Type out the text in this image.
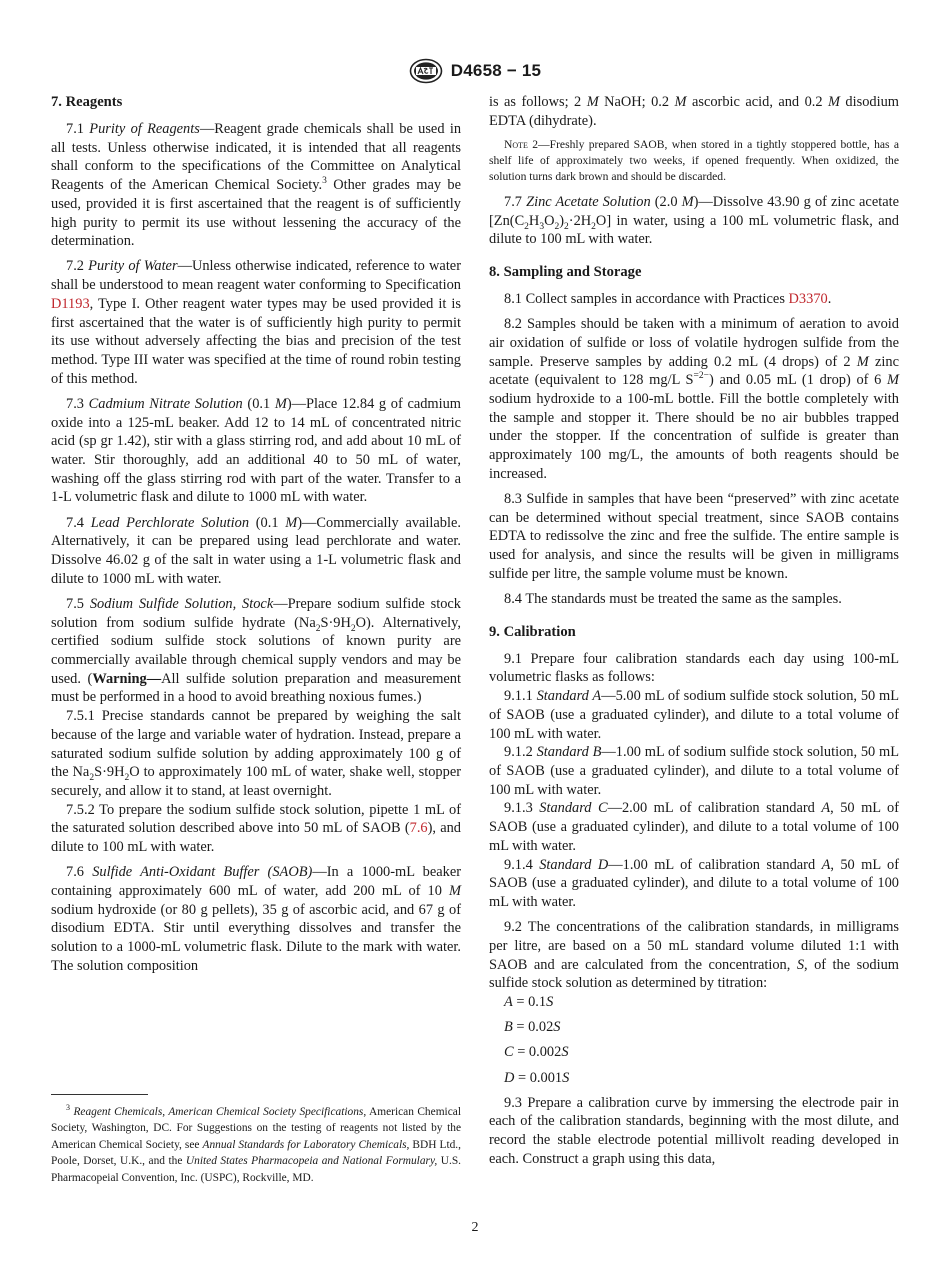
D4658 − 15
7. Reagents

7.1 Purity of Reagents—Reagent grade chemicals shall be used in all tests. Unless otherwise indicated, it is intended that all reagents shall conform to the specifications of the Committee on Analytical Reagents of the American Chemical Society.$^3$ Other grades may be used, provided it is first ascertained that the reagent is of sufficiently high purity to permit its use without lessening the accuracy of the determination.

7.2 Purity of Water—Unless otherwise indicated, reference to water shall be understood to mean reagent water conforming to Specification D1193, Type I. Other reagent water types may be used provided it is first ascertained that the water is of sufficiently high purity to permit its use without adversely affecting the bias and precision of the test method. Type III water was specified at the time of round robin testing of this method.

7.3 Cadmium Nitrate Solution (0.1 M)—Place 12.84 g of cadmium oxide into a 125-mL beaker. Add 12 to 14 mL of concentrated nitric acid (sp gr 1.42), stir with a glass stirring rod, and add about 10 mL of water. Stir thoroughly, add an additional 40 to 50 mL of water, washing off the glass stirring rod with part of the water. Transfer to a 1-L volumetric flask and dilute to 1000 mL with water.

7.4 Lead Perchlorate Solution (0.1 M)—Commercially available. Alternatively, it can be prepared using lead perchlorate and water. Dissolve 46.02 g of the salt in water using a 1-L volumetric flask and dilute to 1000 mL with water.

7.5 Sodium Sulfide Solution, Stock—Prepare sodium sulfide stock solution from sodium sulfide hydrate $(Na_2S\cdot 9H_2O)$. Alternatively, certified sodium sulfide stock solutions of known purity are commercially available through chemical supply vendors and may be used. (Warning—All sulfide solution preparation and measurement must be performed in a hood to avoid breathing noxious fumes.)

7.5.1 Precise standards cannot be prepared by weighing the salt because of the large and variable water of hydration. Instead, prepare a saturated sodium sulfide solution by adding approximately 100 g of the $Na_2S\cdot 9H_2O$ to approximately 100 mL of water, shake well, stopper securely, and allow it to stand, at least overnight.

7.5.2 To prepare the sodium sulfide stock solution, pipette 1 mL of the saturated solution described above into 50 mL of SAOB (7.6), and dilute to 100 mL with water.

7.6 Sulfide Anti-Oxidant Buffer (SAOB)—In a 1000-mL beaker containing approximately 600 mL of water, add 200 mL of 10 M sodium hydroxide (or 80 g pellets), 35 g of ascorbic acid, and 67 g of disodium EDTA. Stir until everything dissolves and transfer the solution to a 1000-mL volumetric flask. Dilute to the mark with water. The solution composition

$^3$ Reagent Chemicals, American Chemical Society Specifications, American Chemical Society, Washington, DC. For Suggestions on the testing of reagents not listed by the American Chemical Society, see Annual Standards for Laboratory Chemicals, BDH Ltd., Poole, Dorset, U.K., and the United States Pharmacopeia and National Formulary, U.S. Pharmacopeial Convention, Inc. (USPC), Rockville, MD.

is as follows; 2 M NaOH; 0.2 M ascorbic acid, and 0.2 M disodium EDTA (dihydrate).

Note 2—Freshly prepared SAOB, when stored in a tightly stoppered bottle, has a shelf life of approximately two weeks, if opened frequently. When oxidized, the solution turns dark brown and should be discarded.

7.7 Zinc Acetate Solution (2.0 M)—Dissolve 43.90 g of zinc acetate $[Zn(C_2H_3O_2)_2\cdot 2H_2O]$ in water, using a 100 mL volumetric flask, and dilute to 100 mL with water.

8. Sampling and Storage

8.1 Collect samples in accordance with Practices D3370.

8.2 Samples should be taken with a minimum of aeration to avoid air oxidation of sulfide or loss of volatile hydrogen sulfide from the sample. Preserve samples by adding 0.2 mL (4 drops) of 2 M zinc acetate (equivalent to 128 mg/L $S^{=2-}$) and 0.05 mL (1 drop) of 6 M sodium hydroxide to a 100-mL bottle. Fill the bottle completely with the sample and stopper it. There should be no air bubbles trapped under the stopper. If the concentration of sulfide is greater than approximately 100 mg/L, the amounts of both reagents should be increased.

8.3 Sulfide in samples that have been “preserved” with zinc acetate can be determined without special treatment, since SAOB contains EDTA to redissolve the zinc and free the sulfide. The entire sample is used for analysis, and since the results will be given in milligrams sulfide per litre, the sample volume must be known.

8.4 The standards must be treated the same as the samples.

9. Calibration

9.1 Prepare four calibration standards each day using 100-mL volumetric flasks as follows:

9.1.1 Standard A—5.00 mL of sodium sulfide stock solution, 50 mL of SAOB (use a graduated cylinder), and dilute to a total volume of 100 mL with water.

9.1.2 Standard B—1.00 mL of sodium sulfide stock solution, 50 mL of SAOB (use a graduated cylinder), and dilute to a total volume of 100 mL with water.

9.1.3 Standard C—2.00 mL of calibration standard A, 50 mL of SAOB (use a graduated cylinder), and dilute to a total volume of 100 mL with water.

9.1.4 Standard D—1.00 mL of calibration standard A, 50 mL of SAOB (use a graduated cylinder), and dilute to a total volume of 100 mL with water.

9.2 The concentrations of the calibration standards, in milligrams per litre, are based on a 50 mL standard volume diluted 1:1 with SAOB and are calculated from the concentration, S, of the sodium sulfide stock solution as determined by titration:

A = 0.1S

B = 0.02S

C = 0.002S

D = 0.001S

9.3 Prepare a calibration curve by immersing the electrode pair in each of the calibration standards, beginning with the most dilute, and record the stable electrode potential millivolt reading developed in each. Construct a graph using this data,

2
